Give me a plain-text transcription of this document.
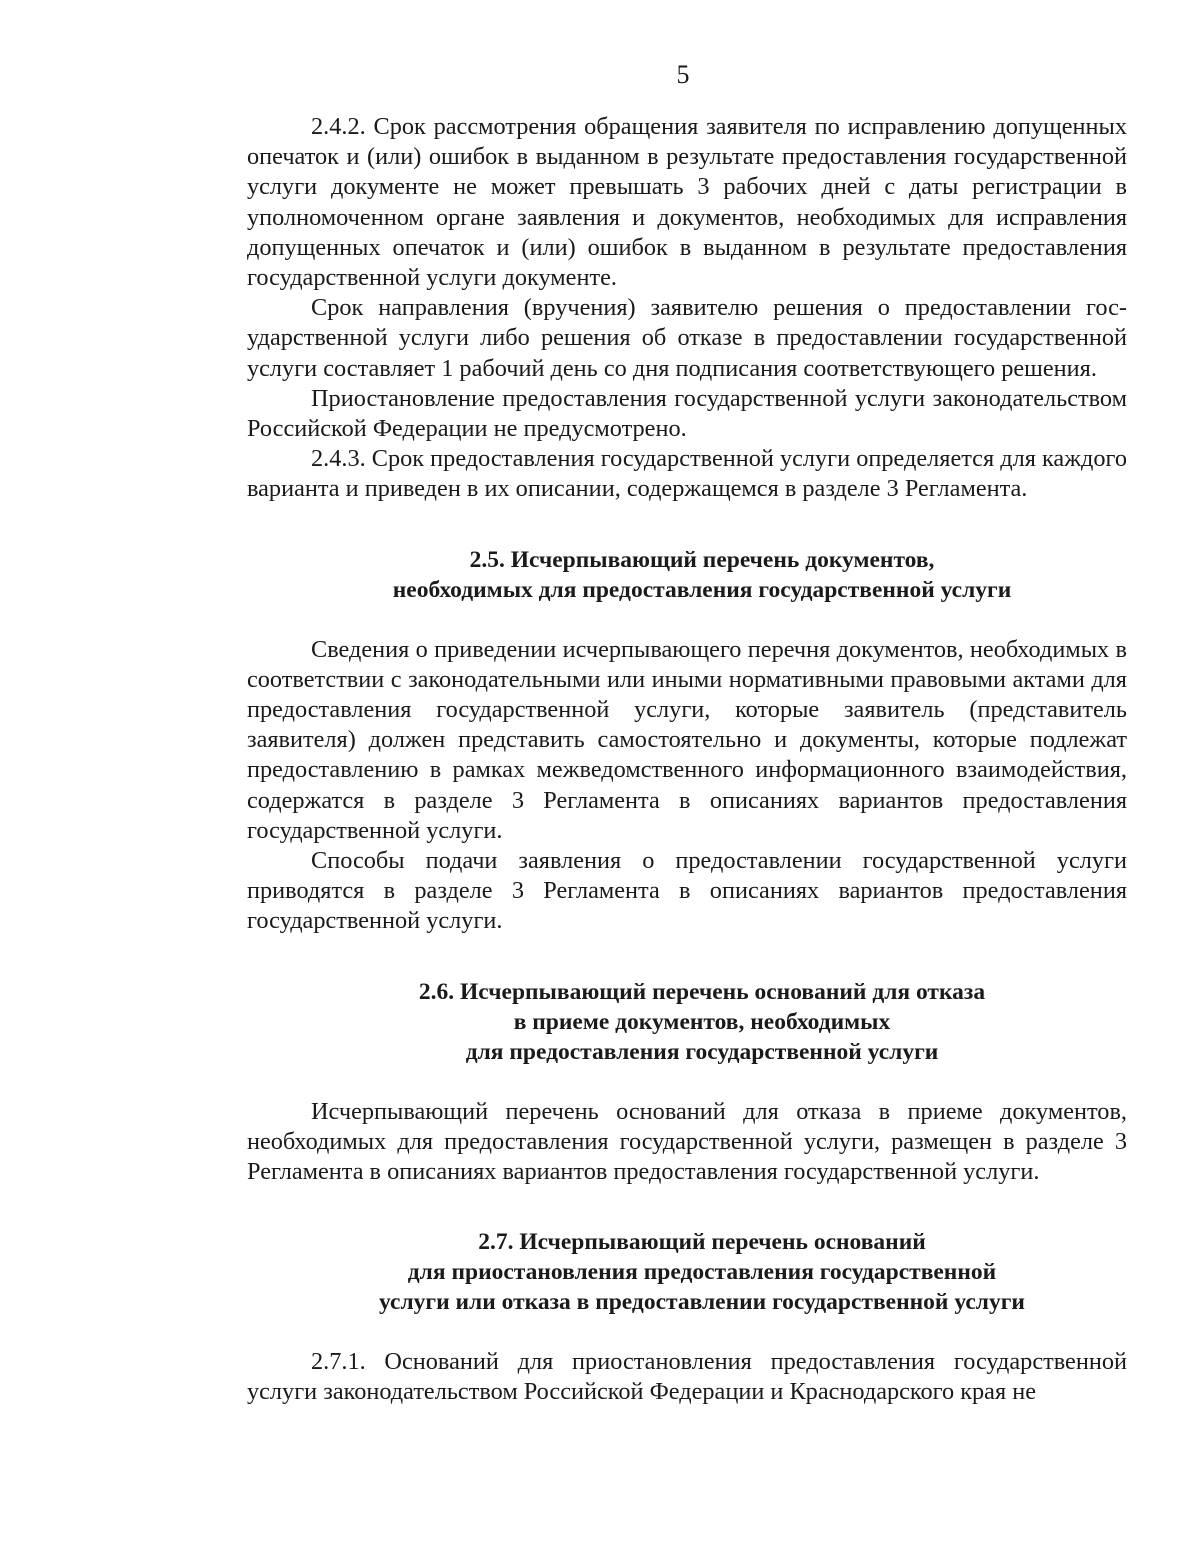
5

2.4.2. Срок рассмотрения обращения заявителя по исправлению допущенных опечаток и (или) ошибок в выданном в результате предоставления государственной услуги документе не может превышать 3 рабочих дней с даты регистрации в уполномоченном органе заявления и документов, необходимых для исправления допущенных опечаток и (или) ошибок в выданном в результате предоставления государственной услуги документе.

Срок направления (вручения) заявителю решения о предоставлении государственной услуги либо решения об отказе в предоставлении государственной услуги составляет 1 рабочий день со дня подписания соответствующего решения.

Приостановление предоставления государственной услуги законодательством Российской Федерации не предусмотрено.

2.4.3. Срок предоставления государственной услуги определяется для каждого варианта и приведен в их описании, содержащемся в разделе 3 Регламента.

2.5. Исчерпывающий перечень документов,
необходимых для предоставления государственной услуги

Сведения о приведении исчерпывающего перечня документов, необходимых в соответствии с законодательными или иными нормативными правовыми актами для предоставления государственной услуги, которые заявитель (представитель заявителя) должен представить самостоятельно и документы, которые подлежат предоставлению в рамках межведомственного информационного взаимодействия, содержатся в разделе 3 Регламента в описаниях вариантов предоставления государственной услуги.

Способы подачи заявления о предоставлении государственной услуги приводятся в разделе 3 Регламента в описаниях вариантов предоставления государственной услуги.

2.6. Исчерпывающий перечень оснований для отказа
в приеме документов, необходимых
для предоставления государственной услуги

Исчерпывающий перечень оснований для отказа в приеме документов, необходимых для предоставления государственной услуги, размещен в разделе 3 Регламента в описаниях вариантов предоставления государственной услуги.

2.7. Исчерпывающий перечень оснований
для приостановления предоставления государственной
услуги или отказа в предоставлении государственной услуги

2.7.1. Оснований для приостановления предоставления государственной услуги законодательством Российской Федерации и Краснодарского края не
